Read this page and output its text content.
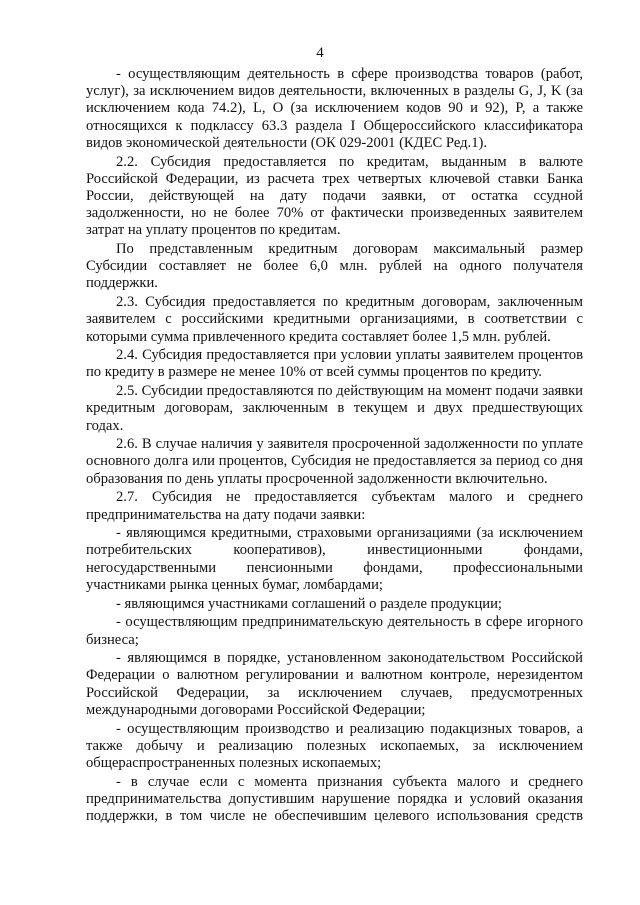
4

- осуществляющим деятельность в сфере производства товаров (работ, услуг), за исключением видов деятельности, включенных в разделы G, J, K (за исключением кода 74.2), L, O (за исключением кодов 90 и 92), P, а также относящихся к подклассу 63.3 раздела I Общероссийского классификатора видов экономической деятельности (ОК 029-2001 (КДЕС Ред.1).

2.2. Субсидия предоставляется по кредитам, выданным в валюте Российской Федерации, из расчета трех четвертых ключевой ставки Банка России, действующей на дату подачи заявки, от остатка ссудной задолженности, но не более 70% от фактически произведенных заявителем затрат на уплату процентов по кредитам.

По представленным кредитным договорам максимальный размер Субсидии составляет не более 6,0 млн. рублей на одного получателя поддержки.

2.3. Субсидия предоставляется по кредитным договорам, заключенным заявителем с российскими кредитными организациями, в соответствии с которыми сумма привлеченного кредита составляет более 1,5 млн. рублей.

2.4. Субсидия предоставляется при условии уплаты заявителем процентов по кредиту в размере не менее 10% от всей суммы процентов по кредиту.

2.5. Субсидии предоставляются по действующим на момент подачи заявки кредитным договорам, заключенным в текущем и двух предшествующих годах.

2.6. В случае наличия у заявителя просроченной задолженности по уплате основного долга или процентов, Субсидия не предоставляется за период со дня образования по день уплаты просроченной задолженности включительно.

2.7. Субсидия не предоставляется субъектам малого и среднего предпринимательства на дату подачи заявки:

- являющимся кредитными, страховыми организациями (за исключением потребительских кооперативов), инвестиционными фондами, негосударственными пенсионными фондами, профессиональными участниками рынка ценных бумаг, ломбардами;

- являющимся участниками соглашений о разделе продукции;

- осуществляющим предпринимательскую деятельность в сфере игорного бизнеса;

- являющимся в порядке, установленном законодательством Российской Федерации о валютном регулировании и валютном контроле, нерезидентом Российской Федерации, за исключением случаев, предусмотренных международными договорами Российской Федерации;

- осуществляющим производство и реализацию подакцизных товаров, а также добычу и реализацию полезных ископаемых, за исключением общераспространенных полезных ископаемых;

- в случае если с момента признания субъекта малого и среднего предпринимательства допустившим нарушение порядка и условий оказания поддержки, в том числе не обеспечившим целевого использования средств
